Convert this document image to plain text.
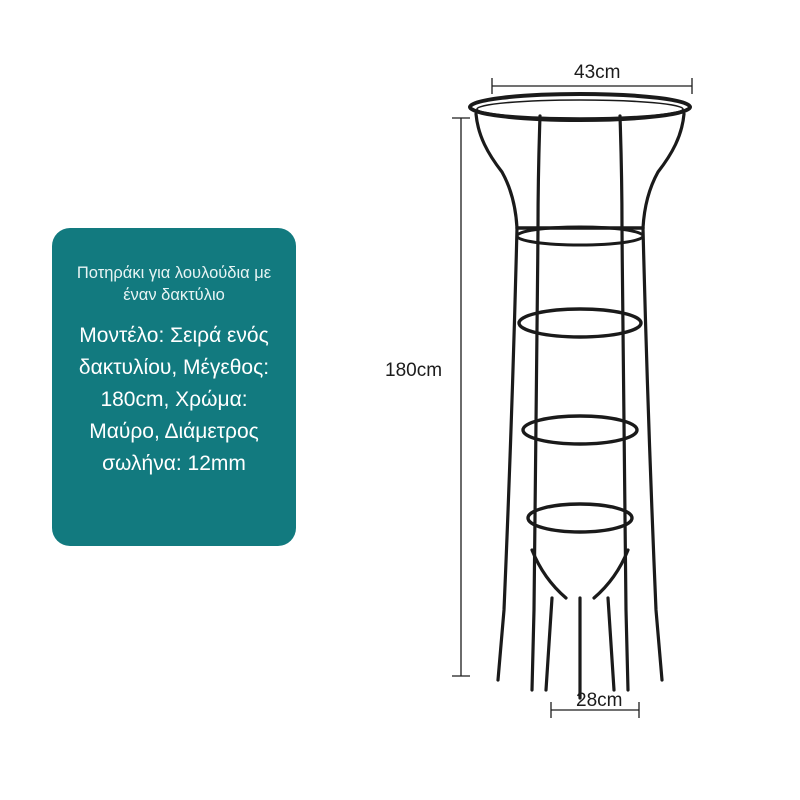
Ποτηράκι για λουλούδια με έναν δακτύλιο

Μοντέλο: Σειρά ενός δακτυλίου, Μέγεθος: 180cm, Χρώμα: Μαύρο, Διάμετρος σωλήνα: 12mm

43cm
180cm
28cm
